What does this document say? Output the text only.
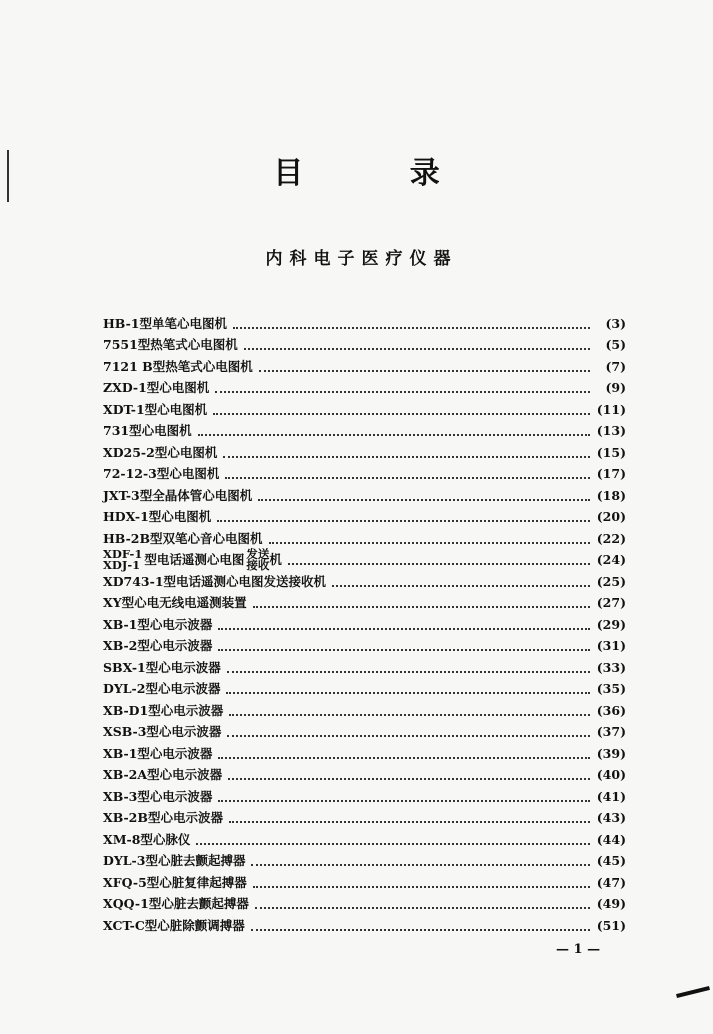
目 录
内科电子医疗仪器
HB-1型单笔心电图机	(3)
7551型热笔式心电图机	(5)
7121 B型热笔式心电图机	(7)
ZXD-1型心电图机	(9)
XDT-1型心电图机	(11)
731型心电图机	(13)
XD25-2型心电图机	(15)
72-12-3型心电图机	(17)
JXT-3型全晶体管心电图机	(18)
HDX-1型心电图机	(20)
HB-2B型双笔心音心电图机	(22)
XDF-1
XDJ-1 型电话遥测心电图 发送
接收 机	(24)
XD743-1型电话遥测心电图发送接收机	(25)
XY型心电无线电遥测装置	(27)
XB-1型心电示波器	(29)
XB-2型心电示波器	(31)
SBX-1型心电示波器	(33)
DYL-2型心电示波器	(35)
XB-D1型心电示波器	(36)
XSB-3型心电示波器	(37)
XB-1型心电示波器	(39)
XB-2A型心电示波器	(40)
XB-3型心电示波器	(41)
XB-2B型心电示波器	(43)
XM-8型心脉仪	(44)
DYL-3型心脏去颤起搏器	(45)
XFQ-5型心脏复律起搏器	(47)
XQQ-1型心脏去颤起搏器	(49)
XCT-C型心脏除颤调搏器	(51)
— 1 —
